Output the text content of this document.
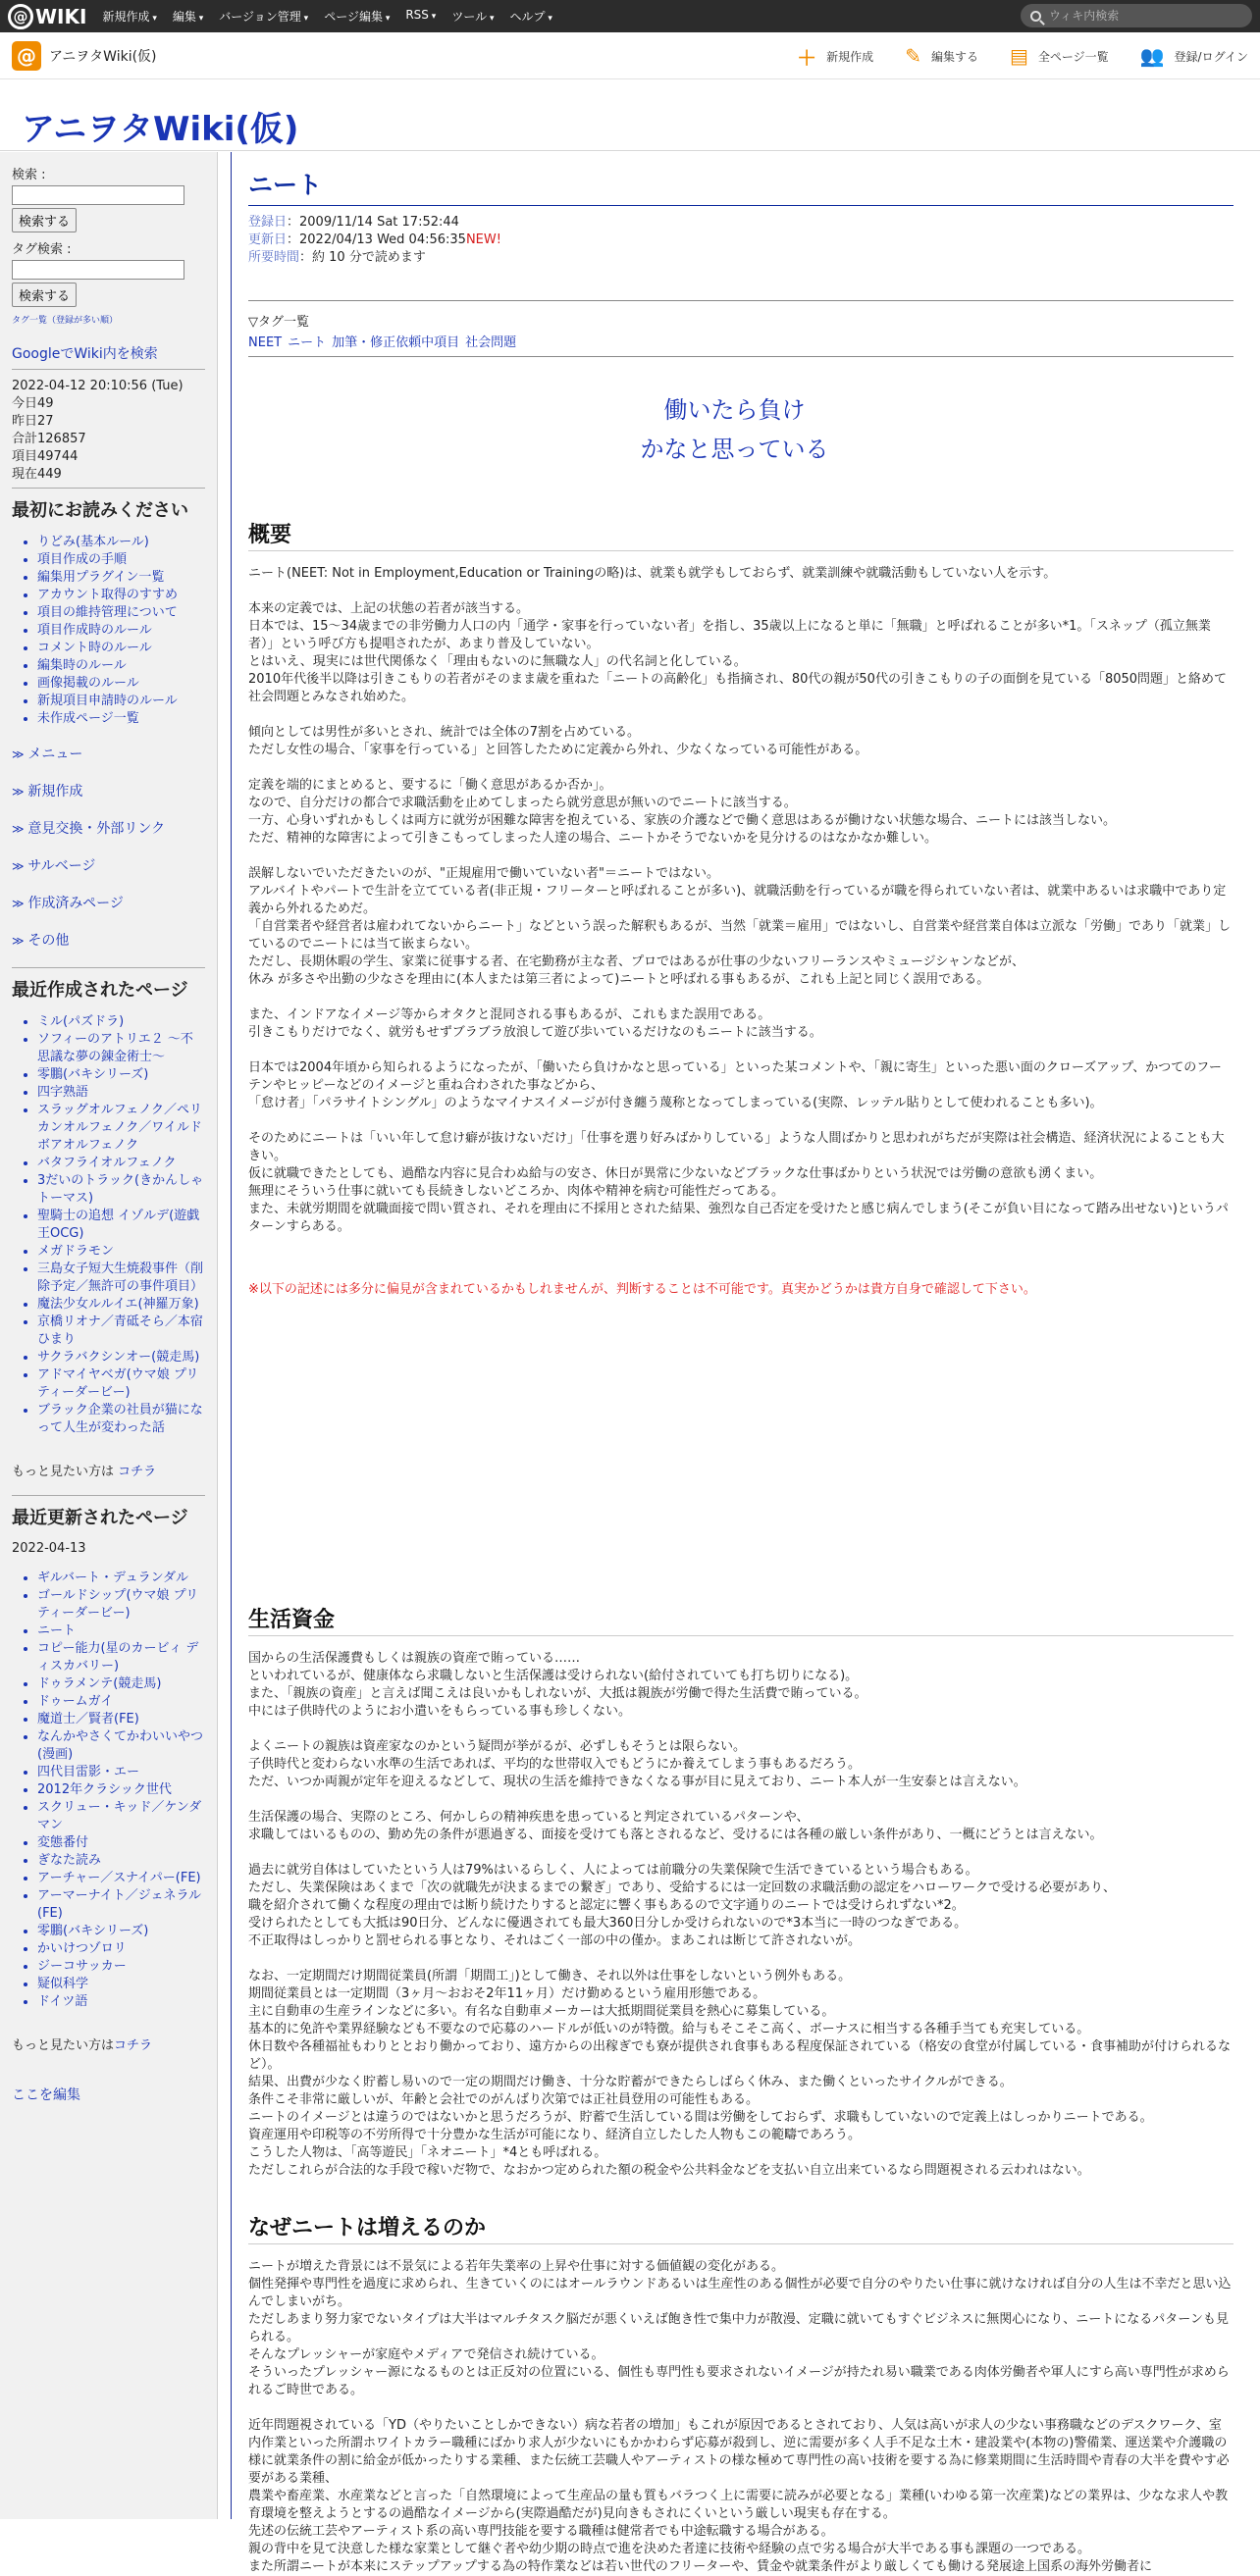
@ WIKI 新規作成 ▾	編集 ▾	バージョン管理 ▾	ページ編集 ▾	RSS ▾	ツール ▾	ヘルプ ▾
ウィキ内検索
@ アニヲタWiki(仮)	＋ 新規作成 ✎ 編集する ▤ 全ページ一覧 👥 登録/ログイン
アニヲタWiki(仮)
検索 :
検索する
タグ検索 :
検索する
タグ一覧（登録が多い順）
GoogleでWiki内を検索
2022-04-12 20:10:56 (Tue)
今日49
昨日27
合計126857
項目49744
現在449
最初にお読みください
• りどみ(基本ルール)
• 項目作成の手順
• 編集用プラグイン一覧
• アカウント取得のすすめ
• 項目の維持管理について
• 項目作成時のルール
• コメント時のルール
• 編集時のルール
• 画像掲載のルール
• 新規項目申請時のルール
• 未作成ページ一覧
≫ メニュー
≫ 新規作成
≫ 意見交換・外部リンク
≫ サルベージ
≫ 作成済みページ
≫ その他
最近作成されたページ
• ミル(パズドラ)
• ソフィーのアトリエ２ ～不思議な夢の錬金術士～
• 零鵬(バキシリーズ)
• 四字熟語
• スラッグオルフェノク／ペリカンオルフェノク／ワイルドボアオルフェノク
• バタフライオルフェノク
• 3だいのトラック(きかんしゃトーマス)
• 聖騎士の追想 イゾルデ(遊戯王OCG)
• メガドラモン
• 三島女子短大生焼殺事件（削除予定／無許可の事件項目）
• 魔法少女ルルイエ(神羅万象)
• 京橋リオナ／青砥そら／本宿ひまり
• サクラバクシンオー(競走馬)
• アドマイヤベガ(ウマ娘 プリティーダービー)
• ブラック企業の社員が猫になって人生が変わった話
もっと見たい方は コチラ
最近更新されたページ
2022-04-13
• ギルバート・デュランダル
• ゴールドシップ(ウマ娘 プリティーダービー)
• ニート
• コピー能力(星のカービィ ディスカバリー)
• ドゥラメンテ(競走馬)
• ドゥームガイ
• 魔道士／賢者(FE)
• なんかやさくてかわいいやつ(漫画)
• 四代目雷影・エー
• 2012年クラシック世代
• スクリュー・キッド／ケンダマン
• 変態番付
• ぎなた読み
• アーチャー／スナイパー(FE)
• アーマーナイト／ジェネラル(FE)
• 零鵬(バキシリーズ)
• かいけつゾロリ
• ジーコサッカー
• 疑似科学
• ドイツ語
もっと見たい方はコチラ
ここを編集
ニート
登録日：2009/11/14 Sat 17:52:44
更新日：2022/04/13 Wed 04:56:35NEW!
所要時間：約 10 分で読めます
▽タグ一覧
NEET ニート 加筆・修正依頼中項目 社会問題
働いたら負け
かなと思っている
概要

ニート(NEET: Not in Employment,Education or Trainingの略)は、就業も就学もしておらず、就業訓練や就職活動もしていない人を示す。

本来の定義では、上記の状態の若者が該当する。

日本では、15〜34歳までの非労働力人口の内「通学・家事を行っていない者」を指し、35歳以上になると単に「無職」と呼ばれることが多い*1。「スネップ（孤立無業者）」という呼び方も提唱されたが、あまり普及していない。

とはいえ、現実には世代関係なく「理由もないのに無職な人」の代名詞と化している。

2010年代後半以降は引きこもりの若者がそのまま歳を重ねた「ニートの高齢化」も指摘され、80代の親が50代の引きこもりの子の面倒を見ている「8050問題」と絡めて社会問題とみなされ始めた。

傾向としては男性が多いとされ、統計では全体の7割を占めている。

ただし女性の場合、「家事を行っている」と回答したために定義から外れ、少なくなっている可能性がある。

定義を端的にまとめると、要するに「働く意思があるか否か」。

なので、自分だけの都合で求職活動を止めてしまったら就労意思が無いのでニートに該当する。

一方、心身いずれかもしくは両方に就労が困難な障害を抱えている、家族の介護などで働く意思はあるが働けない状態な場合、ニートには該当しない。

ただ、精神的な障害によって引きこもってしまった人達の場合、ニートかそうでないかを見分けるのはなかなか難しい。

誤解しないでいただきたいのが、"正規雇用で働いていない者"＝ニートではない。

アルバイトやパートで生計を立てている者(非正規・フリーターと呼ばれることが多い)、就職活動を行っているが職を得られていない者は、就業中あるいは求職中であり定義から外れるためだ。

「自営業者や経営者は雇われてないからニート」などという誤った解釈もあるが、当然「就業＝雇用」ではないし、自営業や経営業自体は立派な「労働」であり「就業」しているのでニートには当て嵌まらない。

ただし、長期休暇の学生、家業に従事する者、在宅勤務が主な者、プロではあるが仕事の少ないフリーランスやミュージシャンなどが、

休み が多さや出勤の少なさを理由に(本人または第三者によって)ニートと呼ばれる事もあるが、これも上記と同じく誤用である。

また、インドアなイメージ等からオタクと混同される事もあるが、これもまた誤用である。

引きこもりだけでなく、就労もせずブラブラ放浪して遊び歩いているだけなのもニートに該当する。

日本では2004年頃から知られるようになったが、「働いたら負けかなと思っている」といった某コメントや、「親に寄生」といった悪い面のクローズアップ、かつてのフーテンやヒッピーなどのイメージと重ね合わされた事などから、

「怠け者」「パラサイトシングル」のようなマイナスイメージが付き纏う蔑称となってしまっている(実際、レッテル貼りとして使われることも多い)。

そのためにニートは「いい年して怠け癖が抜けないだけ」「仕事を選り好みばかりしている」ような人間ばかりと思われがちだが実際は社会構造、経済状況によることも大きい。

仮に就職できたとしても、過酷な内容に見合わぬ給与の安さ、休日が異常に少ないなどブラックな仕事ばかりという状況では労働の意欲も湧くまい。

無理にそういう仕事に就いても長続きしないどころか、肉体や精神を病む可能性だってある。

また、未就労期間を就職面接で問い質され、それを理由に不採用とされた結果、強烈な自己否定を受けたと感じ病んでしまう(そこが負い目になって踏み出せない)というパターンすらある。

※以下の記述には多分に偏見が含まれているかもしれませんが、判断することは不可能です。真実かどうかは貴方自身で確認して下さい。

生活資金

国からの生活保護費もしくは親族の資産で賄っている……

といわれているが、健康体なら求職しないと生活保護は受けられない(給付されていても打ち切りになる)。

また、「親族の資産」と言えば聞こえは良いかもしれないが、大抵は親族が労働で得た生活費で賄っている。

中には子供時代のようにお小遣いをもらっている事も珍しくない。

よくニートの親族は資産家なのかという疑問が挙がるが、必ずしもそうとは限らない。

子供時代と変わらない水準の生活であれば、平均的な世帯収入でもどうにか養えてしまう事もあるだろう。

ただ、いつか両親が定年を迎えるなどして、現状の生活を維持できなくなる事が目に見えており、ニート本人が一生安泰とは言えない。

生活保護の場合、実際のところ、何かしらの精神疾患を患っていると判定されているパターンや、

求職してはいるものの、勤め先の条件が悪過ぎる、面接を受けても落とされるなど、受けるには各種の厳しい条件があり、一概にどうとは言えない。

過去に就労自体はしていたという人は79%はいるらしく、人によっては前職分の失業保険で生活できているという場合もある。

ただし、失業保険はあくまで「次の就職先が決まるまでの繋ぎ」であり、受給するには一定回数の求職活動の認定をハローワークで受ける必要があり、

職を紹介されて働くな程度の理由では断り続けたりすると認定に響く事もあるので文字通りのニートでは受けられずない*2。

受けられたとしても大抵は90日分、どんなに優遇されても最大360日分しか受けられないので*3本当に一時のつなぎである。

不正取得はしっかりと罰せられる事となり、それはごく一部の中の僅か。まあこれは断じて許されないが。

なお、一定期間だけ期間従業員(所謂「期間工」)として働き、それ以外は仕事をしないという例外もある。

期間従業員とは一定期間（3ヶ月～おおそ2年11ヶ月）だけ勤めるという雇用形態である。

主に自動車の生産ラインなどに多い。有名な自動車メーカーは大抵期間従業員を熱心に募集している。

基本的に免許や業界経験なども不要なので応募のハードルが低いのが特徴。給与もそこそこ高く、ボーナスに相当する各種手当ても充実している。

休日数や各種福祉もわりととおり働かっており、遠方からの出稼ぎでも寮が提供され食事もある程度保証されている（格安の食堂が付属している・食事補助が付けられるなど）。

結果、出費が少なく貯蓄し易いので一定の期間だけ働き、十分な貯蓄ができたらしばらく休み、また働くといったサイクルができる。

条件こそ非常に厳しいが、年齢と会社でのがんばり次第では正社員登用の可能性もある。

ニートのイメージとは違うのではないかと思うだろうが、貯蓄で生活している間は労働をしておらず、求職もしていないので定義上はしっかりニートである。

資産運用や印税等の不労所得で十分豊かな生活が可能になり、経済自立したした人物もこの範疇であろう。

こうした人物は、「高等遊民」「ネオニート」*4とも呼ばれる。

ただしこれらが合法的な手段で稼いだ物で、なおかつ定められた額の税金や公共料金などを支払い自立出来ているなら問題視される云われはない。

なぜニートは増えるのか

ニートが増えた背景には不景気による若年失業率の上昇や仕事に対する価値観の変化がある。

個性発揮や専門性を過度に求められ、生きていくのにはオールラウンドあるいは生産性のある個性が必要で自分のやりたい仕事に就けなければ自分の人生は不幸だと思い込んでしまいがち。

ただしあまり努力家でないタイプは大半はマルチタスク脳だが悪くいえば飽き性で集中力が散漫、定職に就いてもすぐビジネスに無関心になり、ニートになるパターンも見られる。

そんなプレッシャーが家庭やメディアで発信され続けている。

そういったプレッシャー源になるものとは正反対の位置にいる、個性も専門性も要求されないイメージが持たれ易い職業である肉体労働者や軍人にすら高い専門性が求められるご時世である。

近年問題視されている「YD（やりたいことしかできない）病な若者の増加」もこれが原因であるとされており、人気は高いが求人の少ない事務職などのデスクワーク、室内作業といった所謂ホワイトカラー職種にばかり求人が少ないにもかかわらず応募が殺到し、逆に需要が多く人手不足な土木・建設業や(本物の)警備業、運送業や介護職の様に就業条件の割に給金が低かったりする業種、また伝統工芸職人やアーティストの様な極めて専門性の高い技術を要する為に修業期間に生活時間や青春の大半を費やす必要がある業種、

農業や畜産業、水産業などと言った「自然環境によって生産品の量も質もバラつく上に需要に読みが必要となる」業種(いわゆる第一次産業)などの業界は、少なな求人や教育環境を整えようとするの過酷なイメージから(実際過酷だが)見向きもされにくいという厳しい現実も存在する。

先述の伝統工芸やアーティスト系の高い専門技能を要する職種は健常者でも中途転職する場合がある。

親の背中を見て決意した様な家業として継ぐ者や幼少期の時点で進を決めた者達に技術や経験の点で劣る場合が大半である事も課題の一つである。

また所謂ニートが本来にステップアップする為の特作業などは若い世代のフリーターや、賃金や就業条件がより厳しくても働ける発展途上国系の海外労働者に
